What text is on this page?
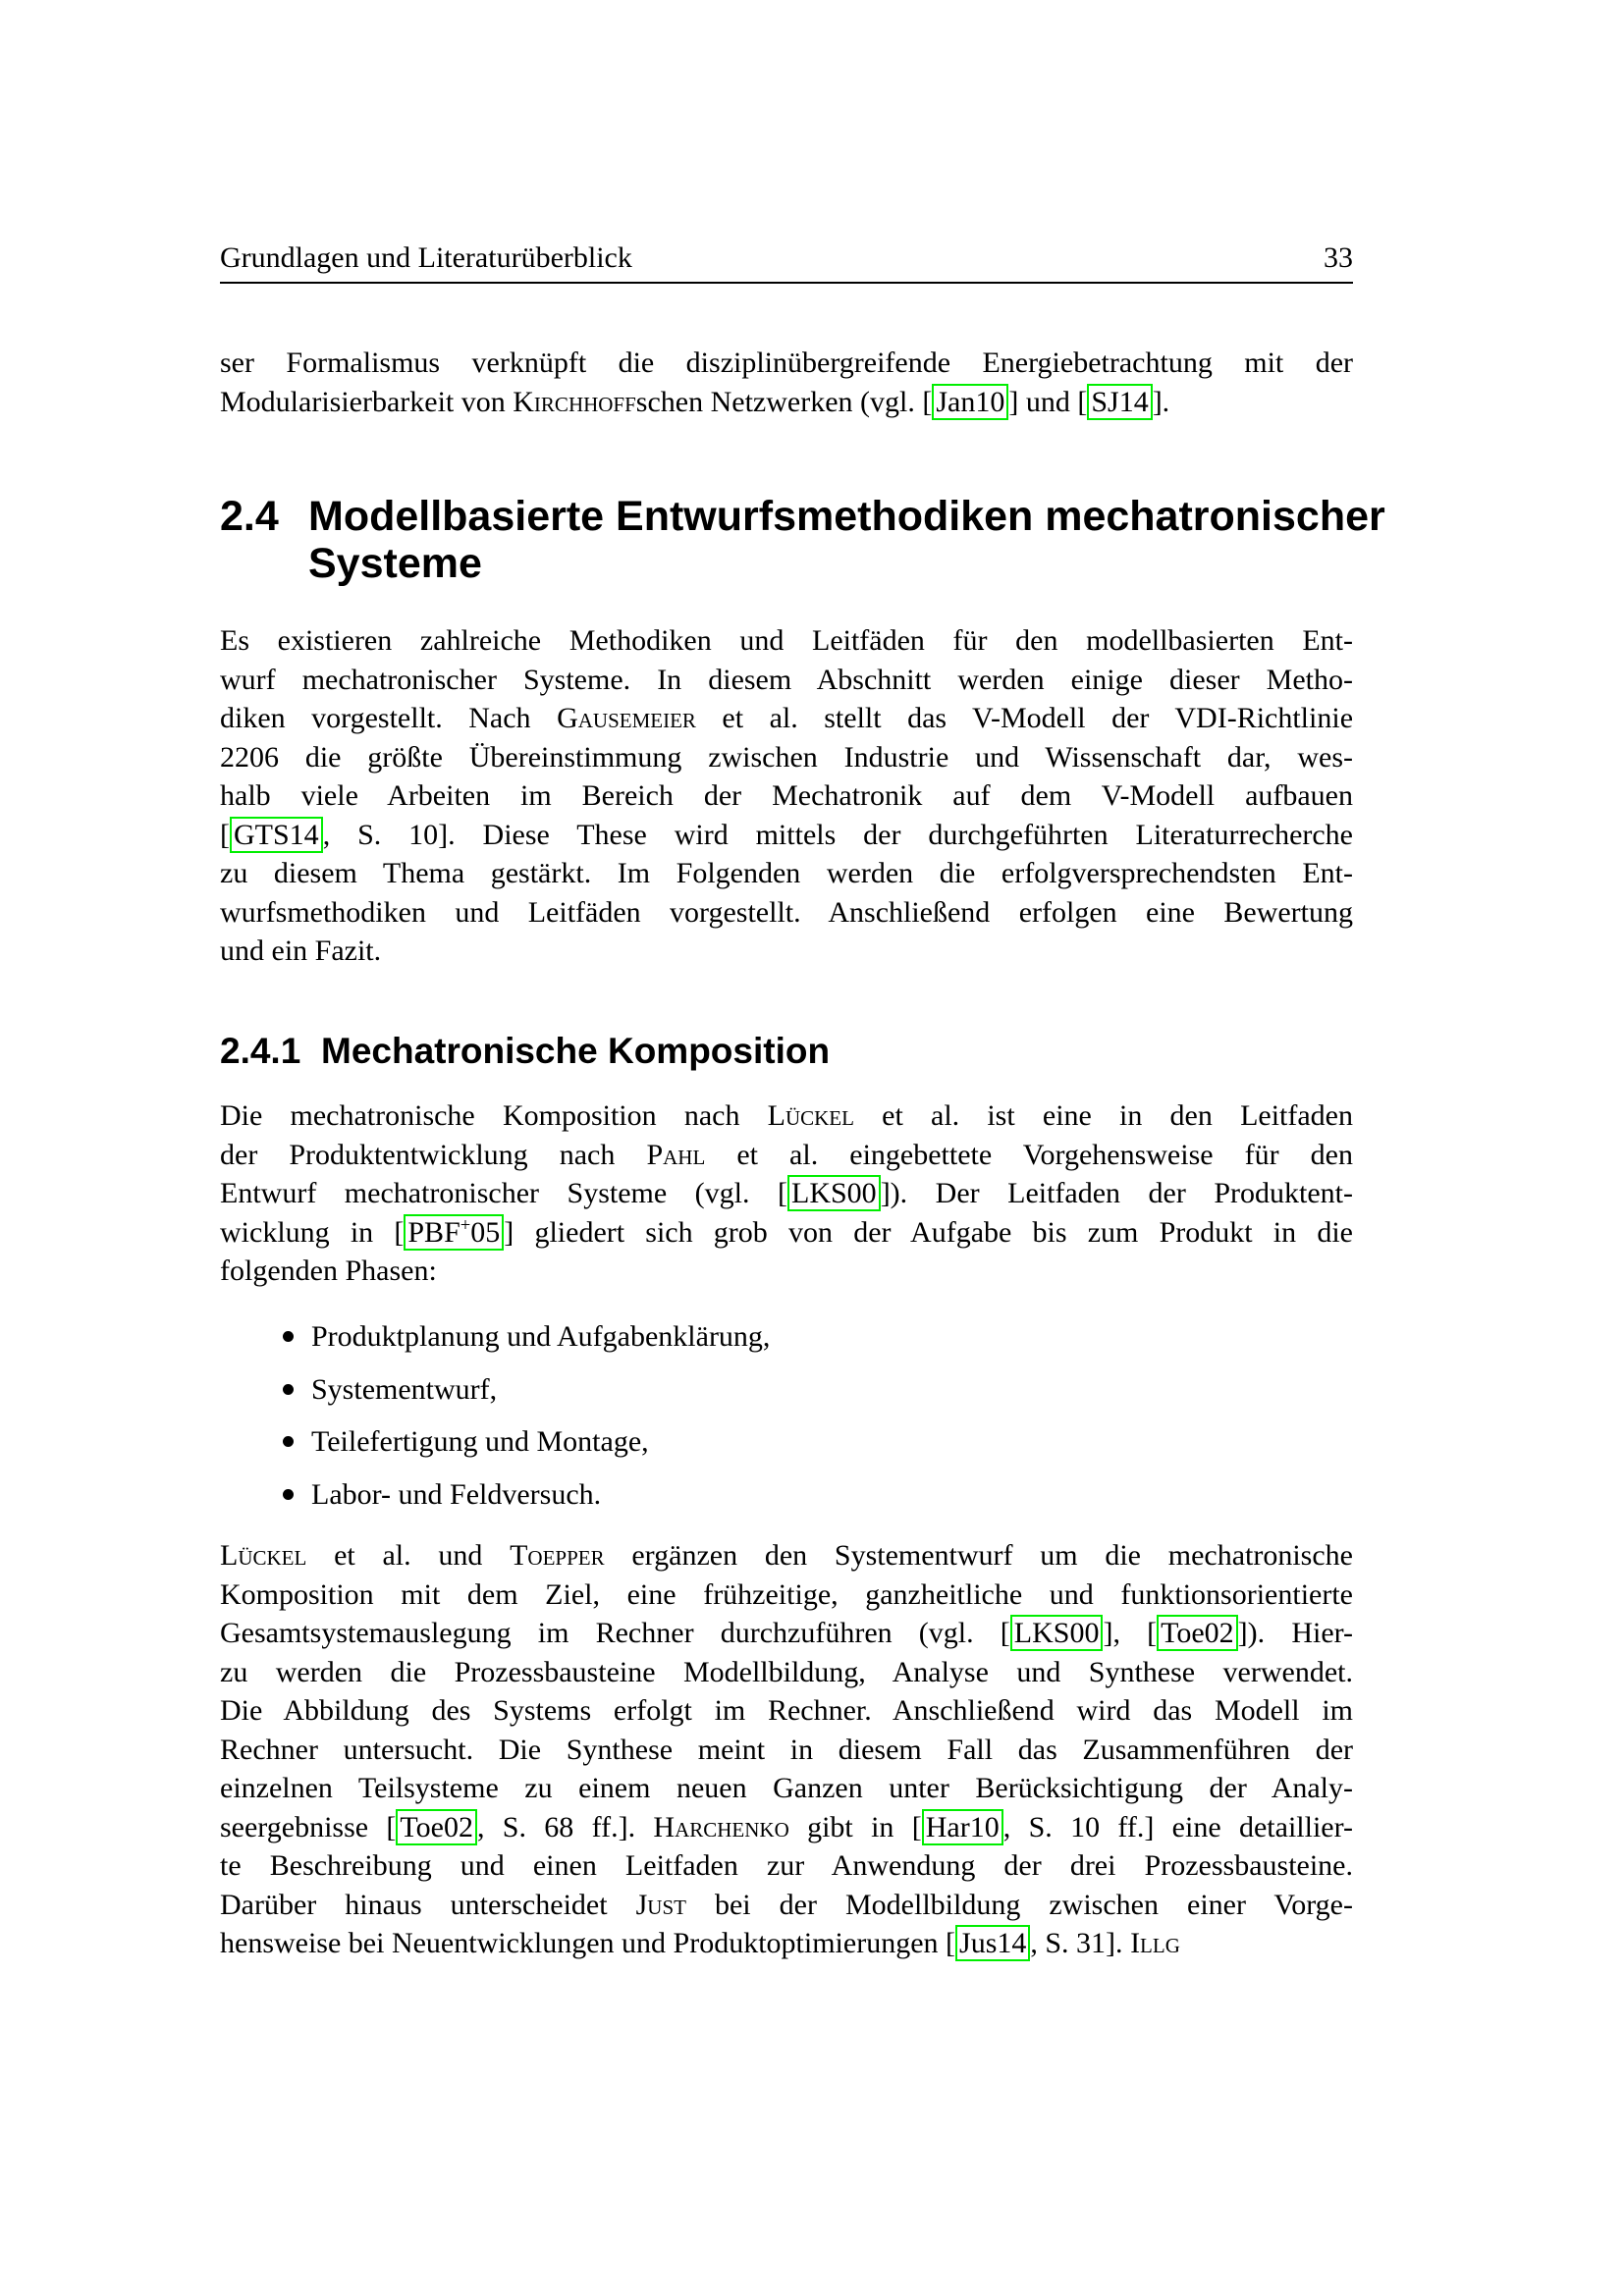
Grundlagen und Literaturüberblick	33
ser Formalismus verknüpft die disziplinübergreifende Energiebetrachtung mit der
Modularisierbarkeit von Kirchhoffschen Netzwerken (vgl. [ Jan10 ] und [ SJ14 ].
2.4 Modellbasierte Entwurfsmethodiken mechatronischer
Systeme
Es existieren zahlreiche Methodiken und Leitfäden für den modellbasierten Ent-
wurf mechatronischer Systeme. In diesem Abschnitt werden einige dieser Metho-
diken vorgestellt. Nach Gausemeier et al. stellt das V-Modell der VDI-Richtlinie
2206 die größte Übereinstimmung zwischen Industrie und Wissenschaft dar, wes-
halb viele Arbeiten im Bereich der Mechatronik auf dem V-Modell aufbauen
[ GTS14 , S. 10]. Diese These wird mittels der durchgeführten Literaturrecherche
zu diesem Thema gestärkt. Im Folgenden werden die erfolgversprechendsten Ent-
wurfsmethodiken und Leitfäden vorgestellt. Anschließend erfolgen eine Bewertung
und ein Fazit.
2.4.1 Mechatronische Komposition
Die mechatronische Komposition nach Lückel et al. ist eine in den Leitfaden
der Produktentwicklung nach Pahl et al. eingebettete Vorgehensweise für den
Entwurf mechatronischer Systeme (vgl. [ LKS00 ]). Der Leitfaden der Produktent-
wicklung in [ PBF+05 ] gliedert sich grob von der Aufgabe bis zum Produkt in die
folgenden Phasen:
Produktplanung und Aufgabenklärung,
Systementwurf,
Teilefertigung und Montage,
Labor- und Feldversuch.
Lückel et al. und Toepper ergänzen den Systementwurf um die mechatronische
Komposition mit dem Ziel, eine frühzeitige, ganzheitliche und funktionsorientierte
Gesamtsystemauslegung im Rechner durchzuführen (vgl. [ LKS00 ], [ Toe02 ]). Hier-
zu werden die Prozessbausteine Modellbildung, Analyse und Synthese verwendet.
Die Abbildung des Systems erfolgt im Rechner. Anschließend wird das Modell im
Rechner untersucht. Die Synthese meint in diesem Fall das Zusammenführen der
einzelnen Teilsysteme zu einem neuen Ganzen unter Berücksichtigung der Analy-
seergebnisse [ Toe02 , S. 68 ff.]. Harchenko gibt in [ Har10 , S. 10 ff.] eine detaillier-
te Beschreibung und einen Leitfaden zur Anwendung der drei Prozessbausteine.
Darüber hinaus unterscheidet Just bei der Modellbildung zwischen einer Vorge-
hensweise bei Neuentwicklungen und Produktoptimierungen [ Jus14 , S. 31]. Illg
